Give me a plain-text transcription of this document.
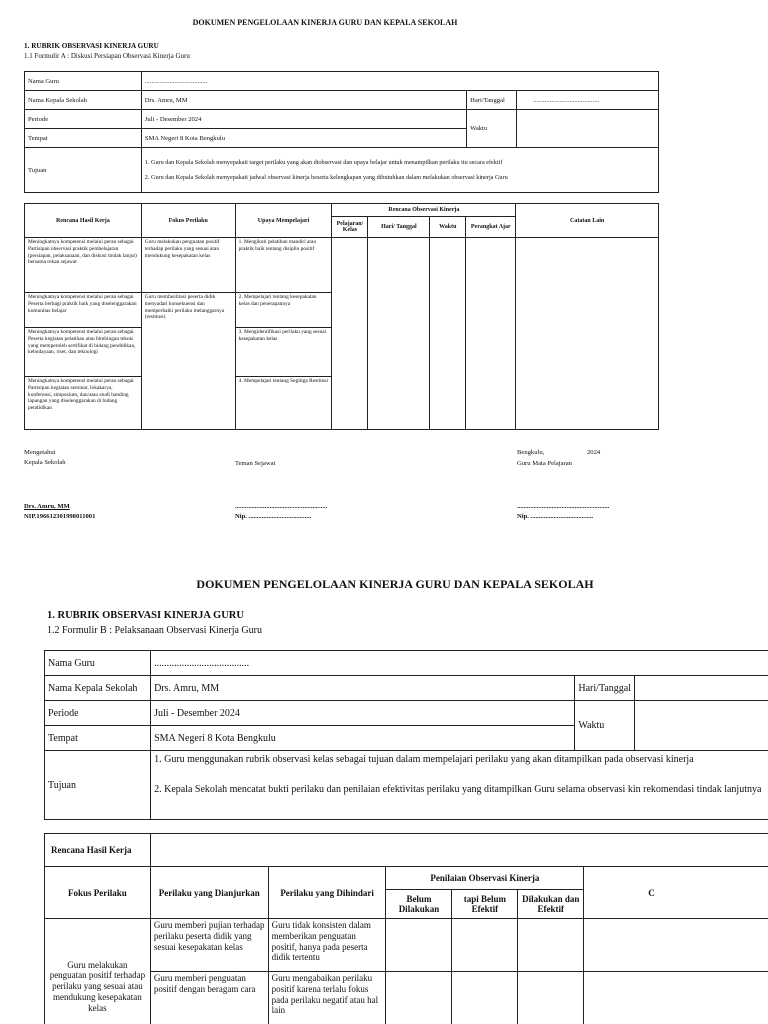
DOKUMEN PENGELOLAAN KINERJA GURU DAN KEPALA SEKOLAH
1. RUBRIK OBSERVASI KINERJA GURU
1.1 Formulir A : Diskusi Persiapan Observasi Kinerja Guru
Nama Guru	......................................		
Nama Kepala Sekolah	Drs. Amru, MM	Hari/Tanggal	........................................
Periode	Juli - Desember 2024	Waktu	
Tempat	SMA Negeri 8 Kota Bengkulu		
Tujuan	1. Guru dan Kepala Sekolah menyepakati target perilaku yang akan diobservasi dan upaya belajar untuk menampilkan perilaku itu secara efektif
2. Guru dan Kepala Sekolah menyepakati jadwal observasi kinerja beserta kelengkapan yang dibutuhkan dalam melakukan observasi kinerja Guru		
Rencana Hasil Kerja	Fokus Perilaku	Upaya Mempelajari	Rencana Observasi Kinerja				Catatan Lain
			Pelajaran/ Kelas	Hari/ Tanggal	Waktu	Perangkat Ajar	
Meningkatnya kompetensi melalui peran sebagai Partisipan observasi praktik pembelajaran (persiapan, pelaksanaan, dan diskusi tindak lanjut) bersama rekan sejawat	Guru melakukan penguatan positif terhadap perilaku yang sesuai atau mendukung kesepakatan kelas	1. Mengikuti pelatihan mandiri atau praktik baik tentang disiplin positif					
Meningkatnya kompetensi melalui peran sebagai Peserta berbagi praktik baik yang diselenggarakan komunitas belajar	Guru memfasilitasi peserta didik menyadari konsekuensi dan memperbaiki perilaku melanggarnya (restitusi)	2. Mempelajari tentang kesepakatan kelas dan penerapannya					
Meningkatnya kompetensi melalui peran sebagai Peserta kegiatan pelatihan atau bimbingan teknis yang memperoleh sertifikat di bidang pendidikan, kebudayaan, riset, dan teknologi		3. Mengidentifikasi perilaku yang sesuai kesepakatan kelas					
Meningkatnya kompetensi melalui peran sebagai Partisipan kegiatan seminar, lokakarya, konferensi, simposium, dan/atau studi banding lapangan yang diselenggarakan di bidang pendidikan		4. Mempelajari tentang Segitiga Restitusi					
Mengetahui
Kepala Sekolah	Teman Sejawat
Bengkulu,	2024
Guru Mata Pelajaran
Drs. Amru, MM
NIP.196612301998011001
........................................................
Nip. ......................................
........................................................
Nip. ......................................
DOKUMEN PENGELOLAAN KINERJA GURU DAN KEPALA SEKOLAH
1. RUBRIK OBSERVASI KINERJA GURU
1.2 Formulir B : Pelaksanaan Observasi Kinerja Guru
Nama Guru	......................................		
Nama Kepala Sekolah	Drs. Amru, MM	Hari/Tanggal	
Periode	Juli - Desember 2024	Waktu	
Tempat	SMA Negeri 8 Kota Bengkulu		
Tujuan	1. Guru menggunakan rubrik observasi kelas sebagai tujuan dalam mempelajari perilaku yang akan ditampilkan pada observasi kinerja
2. Kepala Sekolah mencatat bukti perilaku dan penilaian efektivitas perilaku yang ditampilkan Guru selama observasi kin rekomendasi tindak lanjutnya		
Rencana Hasil Kerja						
Fokus Perilaku	Perilaku yang Dianjurkan	Perilaku yang Dihindari	Penilaian Observasi Kinerja			C
			Belum Dilakukan	tapi Belum Efektif	Dilakukan dan Efektif	
Guru melakukan penguatan positif terhadap perilaku yang sesuai atau mendukung kesepakatan kelas	Guru memberi pujian terhadap perilaku peserta didik yang sesuai kesepakatan kelas	Guru tidak konsisten dalam memberikan penguatan positif, hanya pada peserta didik tertentu				
	Guru memberi penguatan positif dengan beragam cara	Guru mengabaikan perilaku positif karena terlalu fokus pada perilaku negatif atau hal lain				
